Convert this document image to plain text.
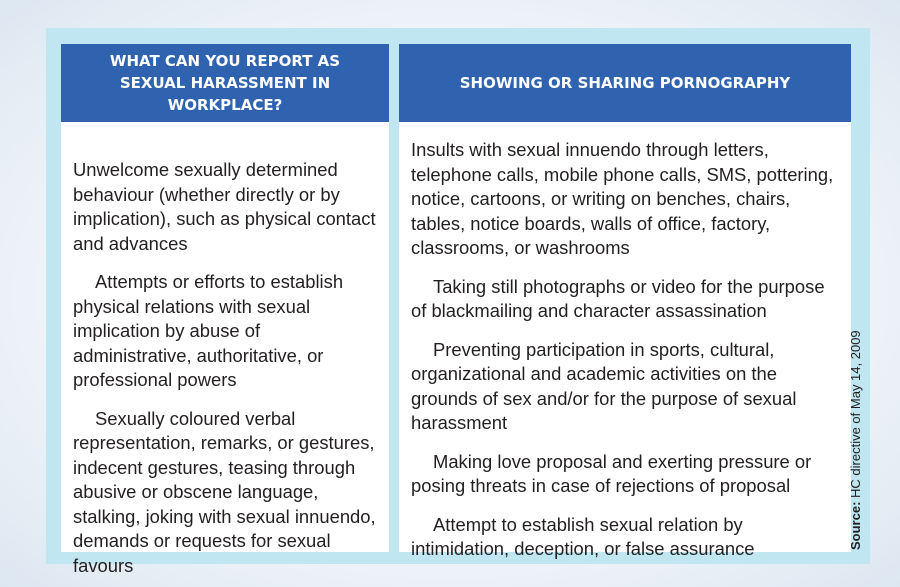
WHAT CAN YOU REPORT AS SEXUAL HARASSMENT IN WORKPLACE?

Unwelcome sexually determined behaviour (whether directly or by implication), such as physical contact and advances

Attempts or efforts to establish physical relations with sexual implication by abuse of administrative, authoritative, or professional powers

Sexually coloured verbal representation, remarks, or gestures, indecent gestures, teasing through abusive or obscene language, stalking, joking with sexual innuendo, demands or requests for sexual favours

SHOWING OR SHARING PORNOGRAPHY

Insults with sexual innuendo through letters, telephone calls, mobile phone calls, SMS, pottering, notice, cartoons, or writing on benches, chairs, tables, notice boards, walls of office, factory, classrooms, or washrooms

Taking still photographs or video for the purpose of blackmailing and character assassination

Preventing participation in sports, cultural, organizational and academic activities on the grounds of sex and/or for the purpose of sexual harassment

Making love proposal and exerting pressure or posing threats in case of rejections of proposal

Attempt to establish sexual relation by intimidation, deception, or false assurance	Source: HC directive of May 14, 2009
